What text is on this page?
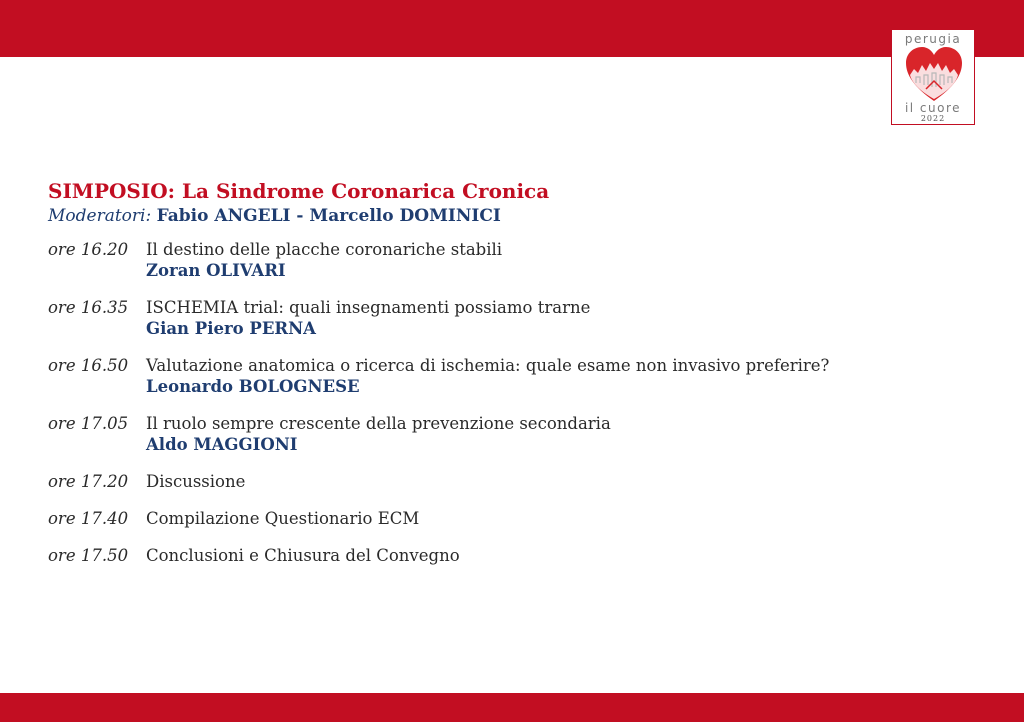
perugia
il cuore
2022
SIMPOSIO: La Sindrome Coronarica Cronica
Moderatori: Fabio ANGELI - Marcello DOMINICI
ore 16.20	Il destino delle placche coronariche stabili
Zoran OLIVARI
ore 16.35	ISCHEMIA trial: quali insegnamenti possiamo trarne
Gian Piero PERNA
ore 16.50	Valutazione anatomica o ricerca di ischemia: quale esame non invasivo preferire?
Leonardo BOLOGNESE
ore 17.05	Il ruolo sempre crescente della prevenzione secondaria
Aldo MAGGIONI
ore 17.20	Discussione
ore 17.40	Compilazione Questionario ECM
ore 17.50	Conclusioni e Chiusura del Convegno
